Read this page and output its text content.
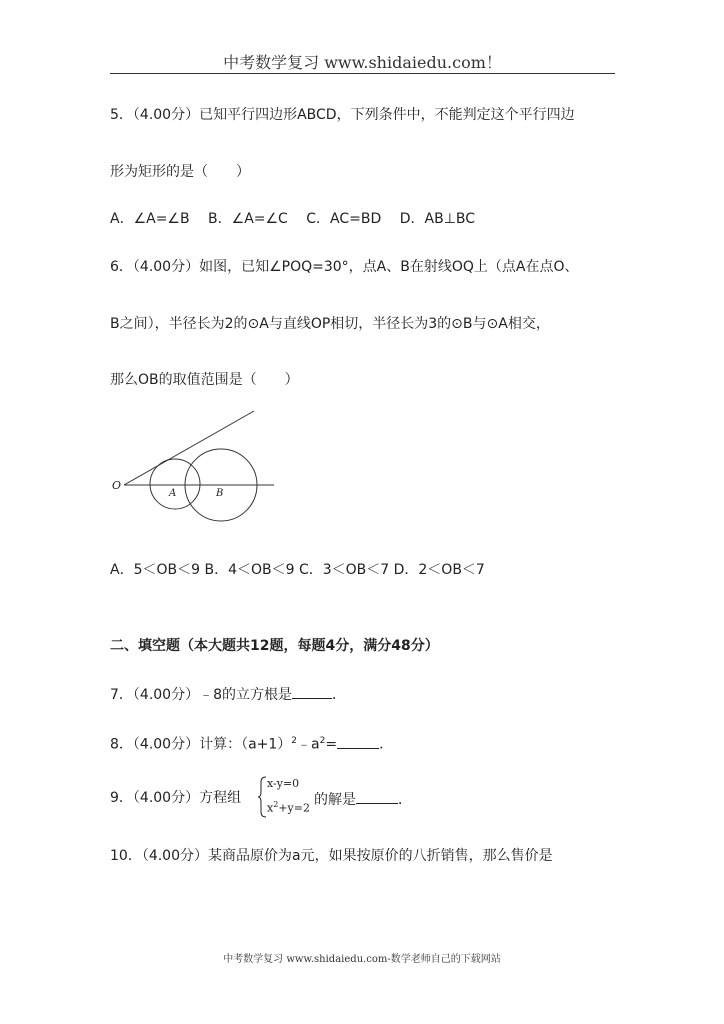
中考数学复习 www.shidaiedu.com！
5．（4.00分）已知平行四边形ABCD，下列条件中，不能判定这个平行四边
形为矩形的是（　　）
A．∠A=∠B　 B．∠A=∠C　 C．AC=BD　 D．AB⊥BC
6．（4.00分）如图，已知∠POQ=30°，点A、B在射线OQ上（点A在点O、
B之间），半径长为2的⊙A与直线OP相切，半径长为3的⊙B与⊙A相交，
那么OB的取值范围是（　　）
O
A	B
A．5＜OB＜9 B．4＜OB＜9 C．3＜OB＜7 D．2＜OB＜7
二、填空题（本大题共12题，每题4分，满分48分）
7．（4.00分）﹣8的立方根是	．
8．（4.00分）计算：$(a+1)^2﹣a^2=$	．
9．（4.00分）方程组
x-y=0
$x^2+y=2$
的解是	．
10．（4.00分）某商品原价为a元，如果按原价的八折销售，那么售价是
中考数学复习 www.shidaiedu.com-数学老师自己的下载网站
